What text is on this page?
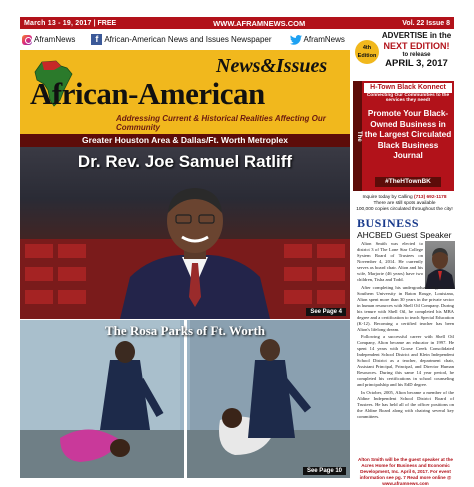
March 13 - 19, 2017 | FREE	WWW.AFRAMNEWS.COM	Vol. 22 Issue 8
AframNews	f African-American News and Issues Newspaper	AframNews
News&Issues
African-American
Addressing Current & Historical Realities Affecting Our Community
Greater Houston Area & Dallas/Ft. Worth Metroplex
Dr. Rev. Joe Samuel Ratliff
See Page 4
The Rosa Parks of Ft. Worth
See Page 10
4th Edition
ADVERTISE in the
NEXT EDITION!
to release
APRIL 3, 2017
The
H-Town Black Konnect
Connecting Our Communities to the services they need!
Promote Your Black-Owned Business in the Largest Circulated Black Business Journal
#TheHTownBK
Inquire today by Calling (713) 692-1178
There are still spots available
100,000 copies circulated throughout the city!
BUSINESS
AHCBED Guest Speaker

Alton Smith was elected to district 3 of The Lone Star College System Board of Trustees on November 4, 2014. He currently serves as board chair. Alton and his wife, Marjorie (46 years) have two children, Tisha and Todd.

After completing his undergraduate degree from Southern University in Baton Rouge, Louisiana, Alton spent more than 30 years in the private sector in human resources with Shell Oil Company. During his tenure with Shell Oil, he completed his MBA degree and a certification to teach Special Education (K-12). Becoming a certified teacher has been Alton's lifelong dream.

Following a successful career with Shell Oil Company, Alton became an educator in 1997. He spent 14 years with Goose Creek Consolidated Independent School District and Klein Independent School District as a teacher, department chair, Assistant Principal, Principal, and Director Human Resources. During this same 14 year period, he completed his certifications in school counseling and principalship and his EdD degree.

In October, 2005, Alton became a member of the Aldine Independent School District Board of Trustees. He has held all of the officer positions on the Aldine Board along with chairing several key committees.

Alton Smith will be the guest speaker at the Acres Home for Business and Economic Development, Inc. April 6, 2017. For event information see pg. 7 Read more online @ www.aframnews.com
